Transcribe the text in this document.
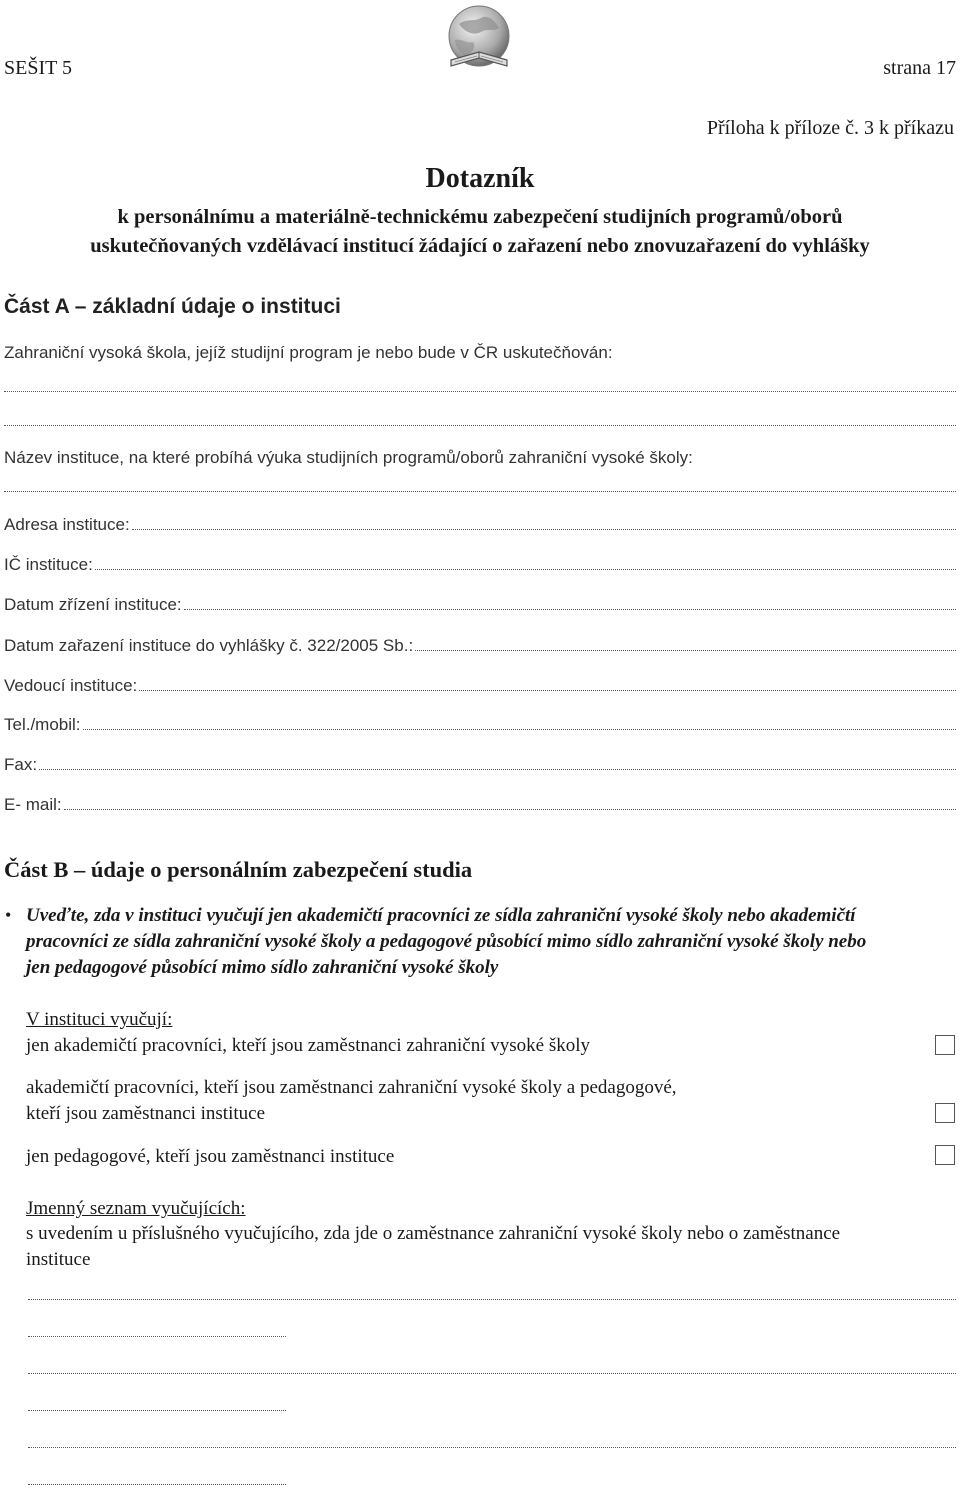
SEŠIT 5	strana 17
Příloha k příloze č. 3 k příkazu
Dotazník
k personálnímu a materiálně-technickému zabezpečení studijních programů/oborů
uskutečňovaných vzdělávací institucí žádající o zařazení nebo znovuzařazení do vyhlášky
Část A – základní údaje o instituci
Zahraniční vysoká škola, jejíž studijní program je nebo bude v ČR uskutečňován:
Název instituce, na které probíhá výuka studijních programů/oborů zahraniční vysoké školy:
Adresa instituce:
IČ instituce:
Datum zřízení instituce:
Datum zařazení instituce do vyhlášky č. 322/2005 Sb.:
Vedoucí instituce:
Tel./mobil:
Fax:
E- mail:
Část B – údaje o personálním zabezpečení studia
• Uveďte, zda v instituci vyučují jen akademičtí pracovníci ze sídla zahraniční vysoké školy nebo akademičtí
pracovníci ze sídla zahraniční vysoké školy a pedagogové působící mimo sídlo zahraniční vysoké školy nebo
jen pedagogové působící mimo sídlo zahraniční vysoké školy
V instituci vyučují:
jen akademičtí pracovníci, kteří jsou zaměstnanci zahraniční vysoké školy
akademičtí pracovníci, kteří jsou zaměstnanci zahraniční vysoké školy a pedagogové,
kteří jsou zaměstnanci instituce
jen pedagogové, kteří jsou zaměstnanci instituce
Jmenný seznam vyučujících:
s uvedením u příslušného vyučujícího, zda jde o zaměstnance zahraniční vysoké školy nebo o zaměstnance
instituce
